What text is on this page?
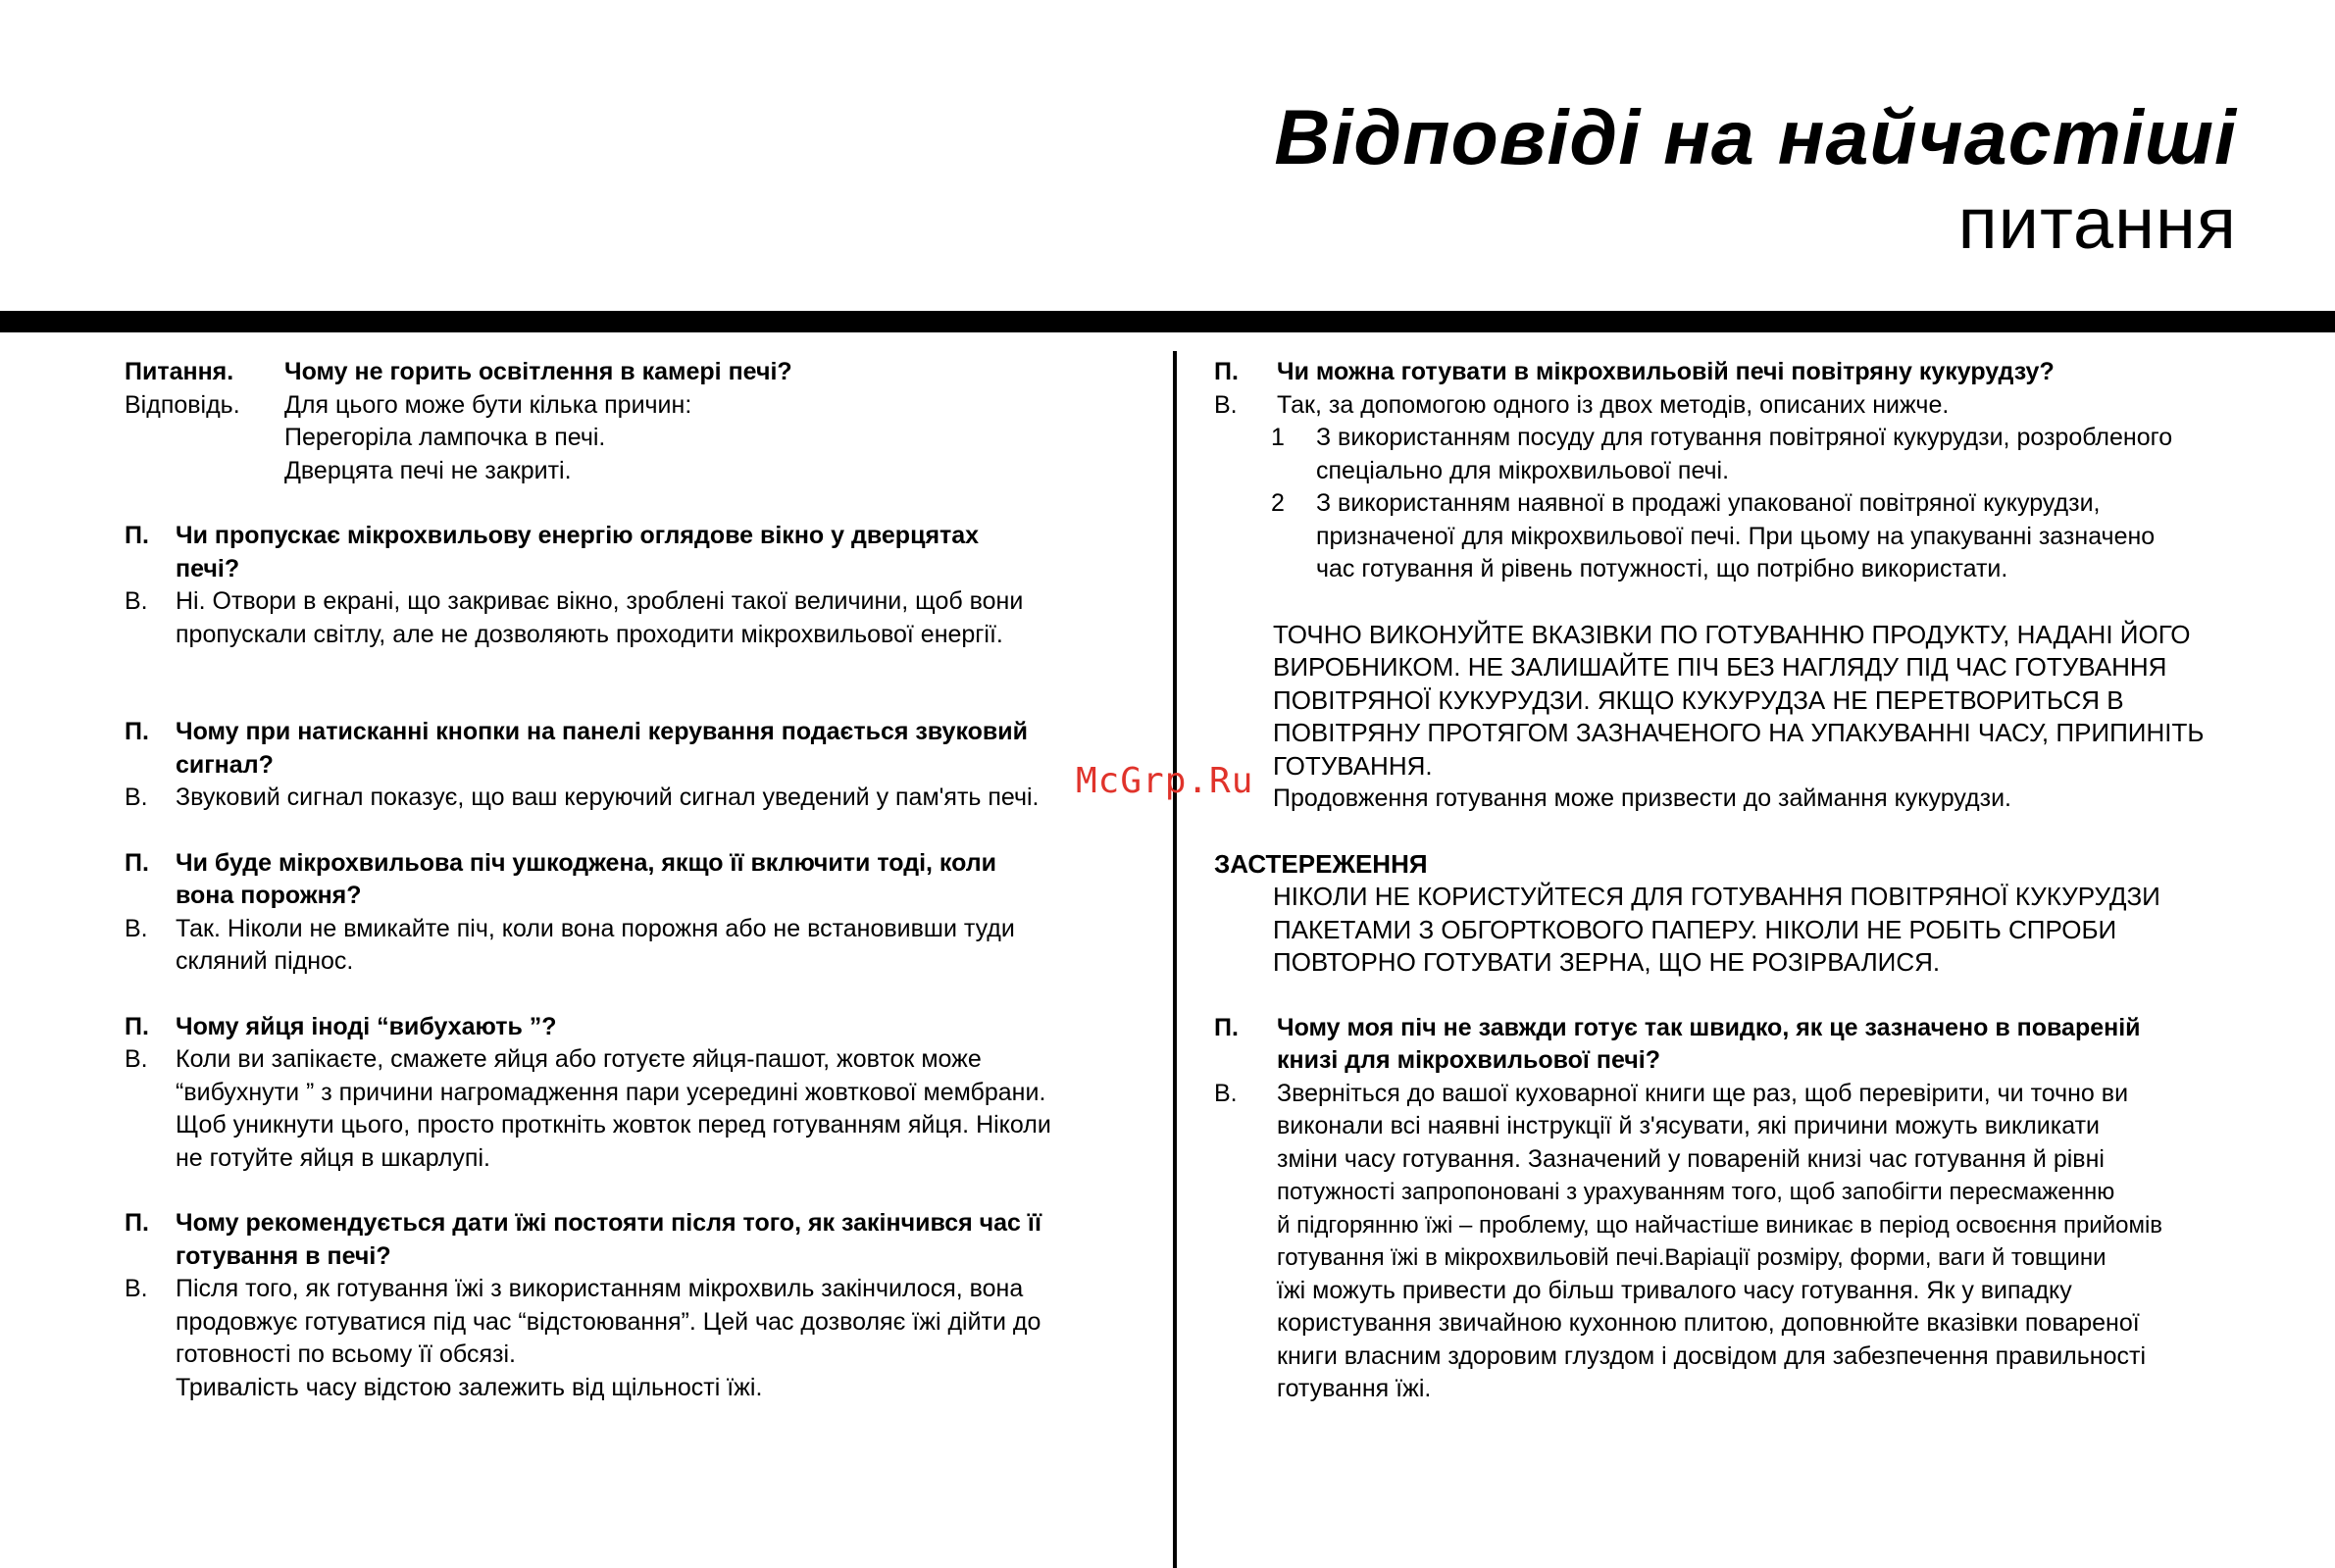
Відповіді на найчастіші
питання
Питання.	Чому не горить освітлення в камері печі?
Відповідь.	Для цього може бути кілька причин:
Перегоріла лампочка в печі.
Дверцята печі не закриті.
П.	Чи пропускає мікрохвильову енергію оглядове вікно у дверцятах
печі?
В.	Ні. Отвори в екрані, що закриває вікно, зроблені такої величини, щоб вони
пропускали світлу, але не дозволяють проходити мікрохвильової енергії.
П.	Чому при натисканні кнопки на панелі керування подається звуковий
сигнал?
В.	Звуковий сигнал показує, що ваш керуючий сигнал уведений у пам'ять печі.
П.	Чи буде мікрохвильова піч ушкоджена, якщо її включити тоді, коли
вона порожня?
В.	Так. Ніколи не вмикайте піч, коли вона порожня або не встановивши туди
скляний піднос.
П.	Чому яйця іноді “вибухають ”?
В.	Коли ви запікаєте, смажете яйця або готуєте яйця-пашот, жовток може
“вибухнути ” з причини нагромадження пари усередині жовткової мембрани.
Щоб уникнути цього, просто проткніть жовток перед готуванням яйця. Ніколи
не готуйте яйця в шкарлупі.
П.	Чому рекомендується дати їжі постояти після того, як закінчився час її
готування в печі?
В.	Після того, як готування їжі з використанням мікрохвиль закінчилося, вона
продовжує готуватися під час “відстоювання”. Цей час дозволяє їжі дійти до
готовності по всьому її обсязі.
Тривалість часу відстою залежить від щільності їжі.
П.	Чи можна готувати в мікрохвильовій печі повітряну кукурудзу?
В.	Так, за допомогою одного із двох методів, описаних нижче.
1	З використанням посуду для готування повітряної кукурудзи, розробленого
спеціально для мікрохвильової печі.
2	З використанням наявної в продажі упакованої повітряної кукурудзи,
призначеної для мікрохвильової печі. При цьому на упакуванні зазначено
час готування й рівень потужності, що потрібно використати.
ТОЧНО ВИКОНУЙТЕ ВКАЗІВКИ ПО ГОТУВАННЮ ПРОДУКТУ, НАДАНІ ЙОГО
ВИРОБНИКОМ. НЕ ЗАЛИШАЙТЕ ПІЧ БЕЗ НАГЛЯДУ ПІД ЧАС ГОТУВАННЯ
ПОВІТРЯНОЇ КУКУРУДЗИ. ЯКЩО КУКУРУДЗА НЕ ПЕРЕТВОРИТЬСЯ В
ПОВІТРЯНУ ПРОТЯГОМ ЗАЗНАЧЕНОГО НА УПАКУВАННІ ЧАСУ, ПРИПИНІТЬ
ГОТУВАННЯ.
Продовження готування може призвести до займання кукурудзи.
ЗАСТЕРЕЖЕННЯ
НІКОЛИ НЕ КОРИСТУЙТЕСЯ ДЛЯ ГОТУВАННЯ ПОВІТРЯНОЇ КУКУРУДЗИ
ПАКЕТАМИ З ОБГОРТКОВОГО ПАПЕРУ. НІКОЛИ НЕ РОБІТЬ СПРОБИ
ПОВТОРНО ГОТУВАТИ ЗЕРНА, ЩО НЕ РОЗІРВАЛИСЯ.
П.	Чому моя піч не завжди готує так швидко, як це зазначено в повареній
книзі для мікрохвильової печі?
В.	Зверніться до вашої куховарної книги ще раз, щоб перевірити, чи точно ви
виконали всі наявні інструкції й з'ясувати, які причини можуть викликати
зміни часу готування. Зазначений у повареній книзі час готування й рівні
потужності запропоновані з урахуванням того, щоб запобігти пересмаженню
й підгорянню їжі – проблему, що найчастіше виникає в період освоєння прийомів
готування їжі в мікрохвильовій печі.Варіації розміру, форми, ваги й товщини
їжі можуть привести до більш тривалого часу готування. Як у випадку
користування звичайною кухонною плитою, доповнюйте вказівки повареної
книги власним здоровим глуздом і досвідом для забезпечення правильності
готування їжі.
McGrp.Ru
